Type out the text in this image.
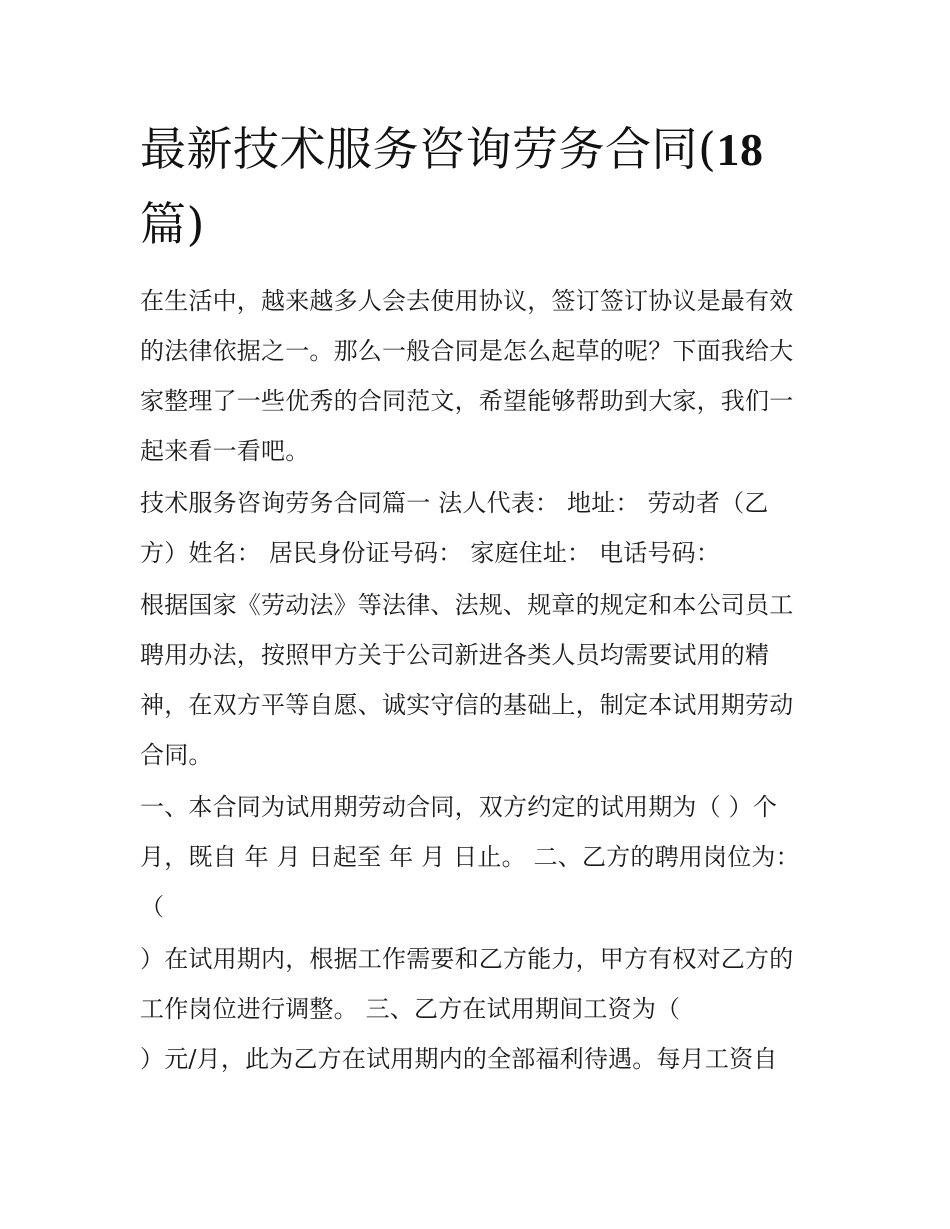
最新技术服务咨询劳务合同(18
篇)

在生活中，越来越多人会去使用协议，签订签订协议是最有效

的法律依据之一。那么一般合同是怎么起草的呢？下面我给大

家整理了一些优秀的合同范文，希望能够帮助到大家，我们一

起来看一看吧。

技术服务咨询劳务合同篇一 法人代表： 地址： 劳动者（乙

方）姓名： 居民身份证号码： 家庭住址： 电话号码：

根据国家《劳动法》等法律、法规、规章的规定和本公司员工

聘用办法，按照甲方关于公司新进各类人员均需要试用的精

神，在双方平等自愿、诚实守信的基础上，制定本试用期劳动

合同。

一、本合同为试用期劳动合同，双方约定的试用期为（ ）个

月，既自 年 月 日起至 年 月 日止。 二、乙方的聘用岗位为：

（

）在试用期内，根据工作需要和乙方能力，甲方有权对乙方的

工作岗位进行调整。 三、乙方在试用期间工资为（

）元/月，此为乙方在试用期内的全部福利待遇。每月工资自
